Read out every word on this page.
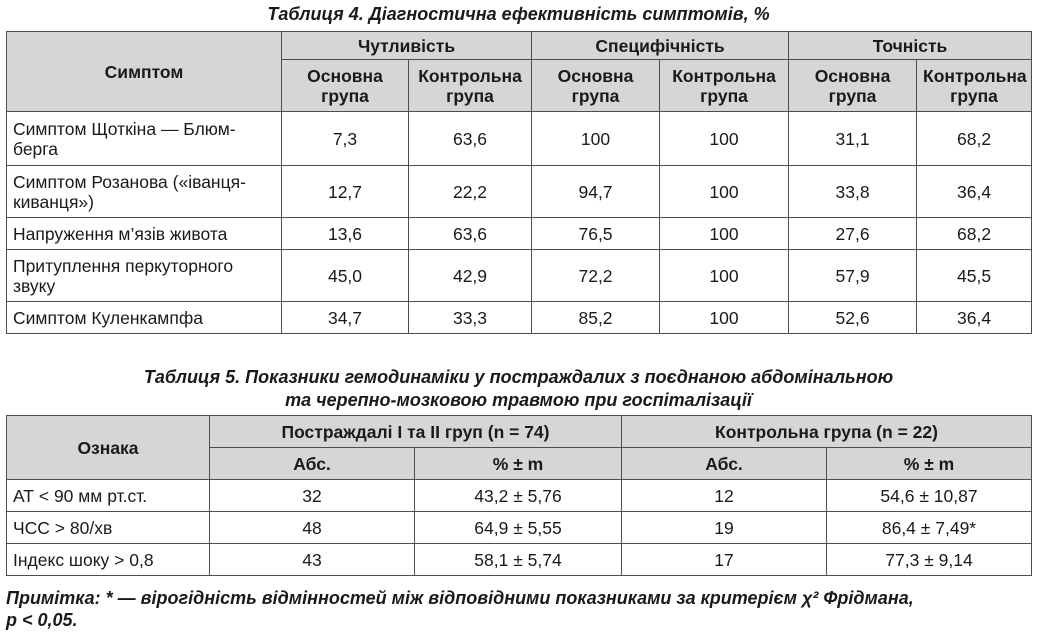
Таблиця 4. Діагностична ефективність симптомів, %
Симптом	Чутливість		Специфічність		Точність	
	Основна група	Контрольна група	Основна група	Контрольна група	Основна група	Контрольна група
Симптом Щоткіна — Блюм-берга	7,3	63,6	100	100	31,1	68,2
Симптом Розанова («іванця-киванця»)	12,7	22,2	94,7	100	33,8	36,4
Напруження м’язів живота	13,6	63,6	76,5	100	27,6	68,2
Притуплення перкуторного звуку	45,0	42,9	72,2	100	57,9	45,5
Симптом Куленкампфа	34,7	33,3	85,2	100	52,6	36,4
Таблиця 5. Показники гемодинаміки у постраждалих з поєднаною абдомінальною
та черепно-мозковою травмою при госпіталізації
Ознака	Постраждалі I та II груп (n = 74)		Контрольна група (n = 22)	
	Абс.	% ± m	Абс.	% ± m
АТ < 90 мм рт.ст.	32	43,2 ± 5,76	12	54,6 ± 10,87
ЧСС > 80/хв	48	64,9 ± 5,55	19	86,4 ± 7,49*
Індекс шоку > 0,8	43	58,1 ± 5,74	17	77,3 ± 9,14
Примітка: * — вірогідність відмінностей між відповідними показниками за критерієм χ² Фрідмана,
p < 0,05.
